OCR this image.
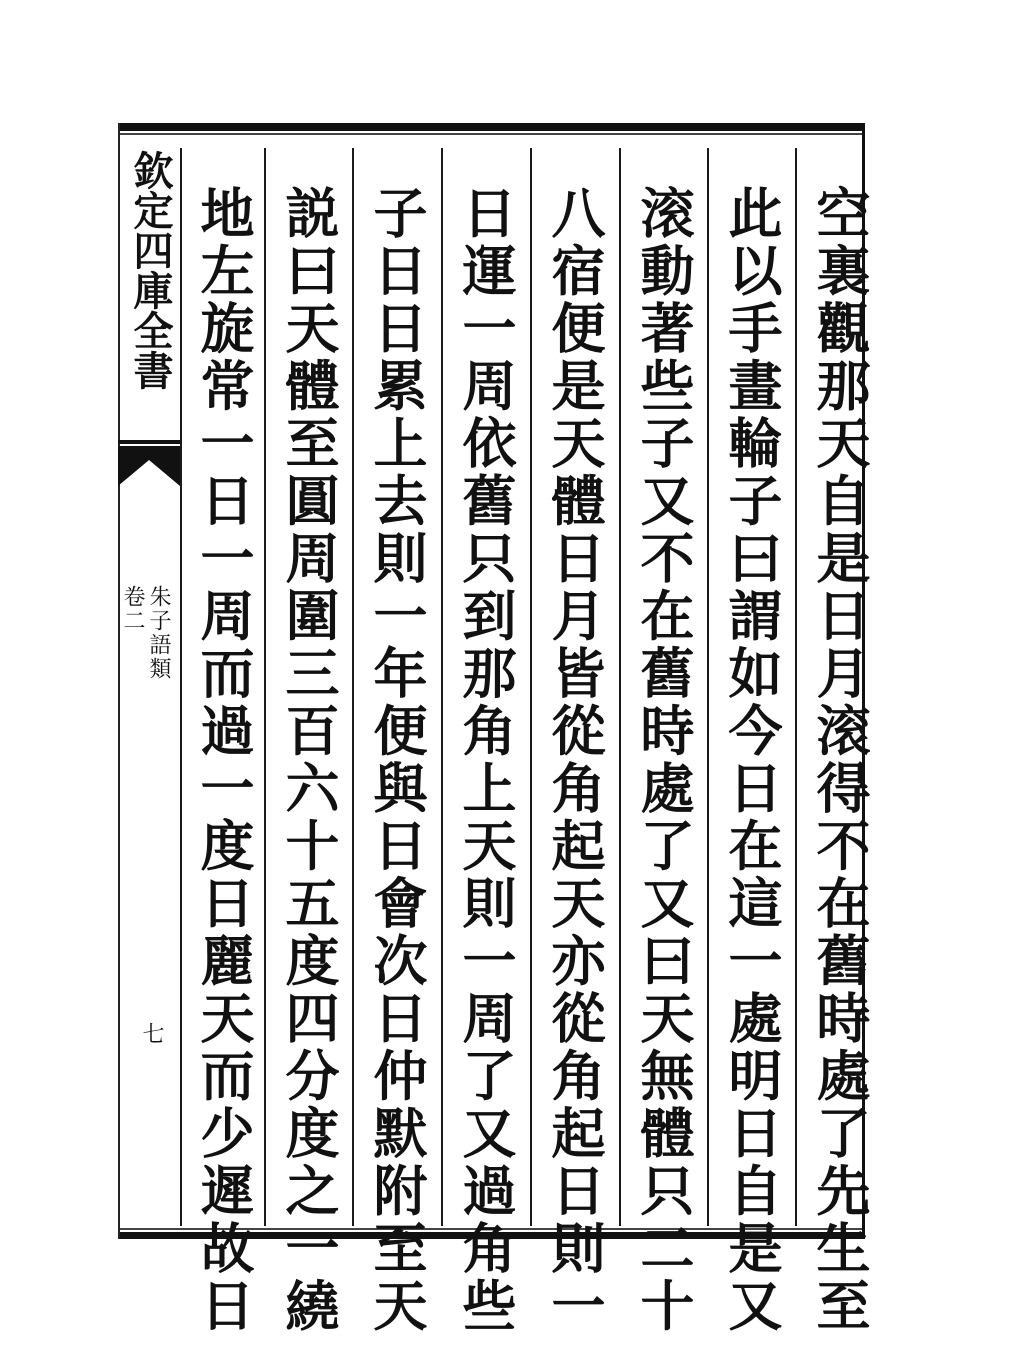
欽定四庫全書
朱子語類
卷二
七	空裏觀那天自是日月滚得不在舊時處了先生至
此以手畫輪子曰謂如今日在這一處明日自是又
滚動著些子又不在舊時處了又曰天無體只二十
八宿便是天體日月皆從角起天亦從角起日則一
日運一周依舊只到那角上天則一周了又過角些
子日日累上去則一年便與日會次日仲默附至天
説曰天體至圓周圍三百六十五度四分度之一繞
地左旋常一日一周而過一度日麗天而少遲故日
